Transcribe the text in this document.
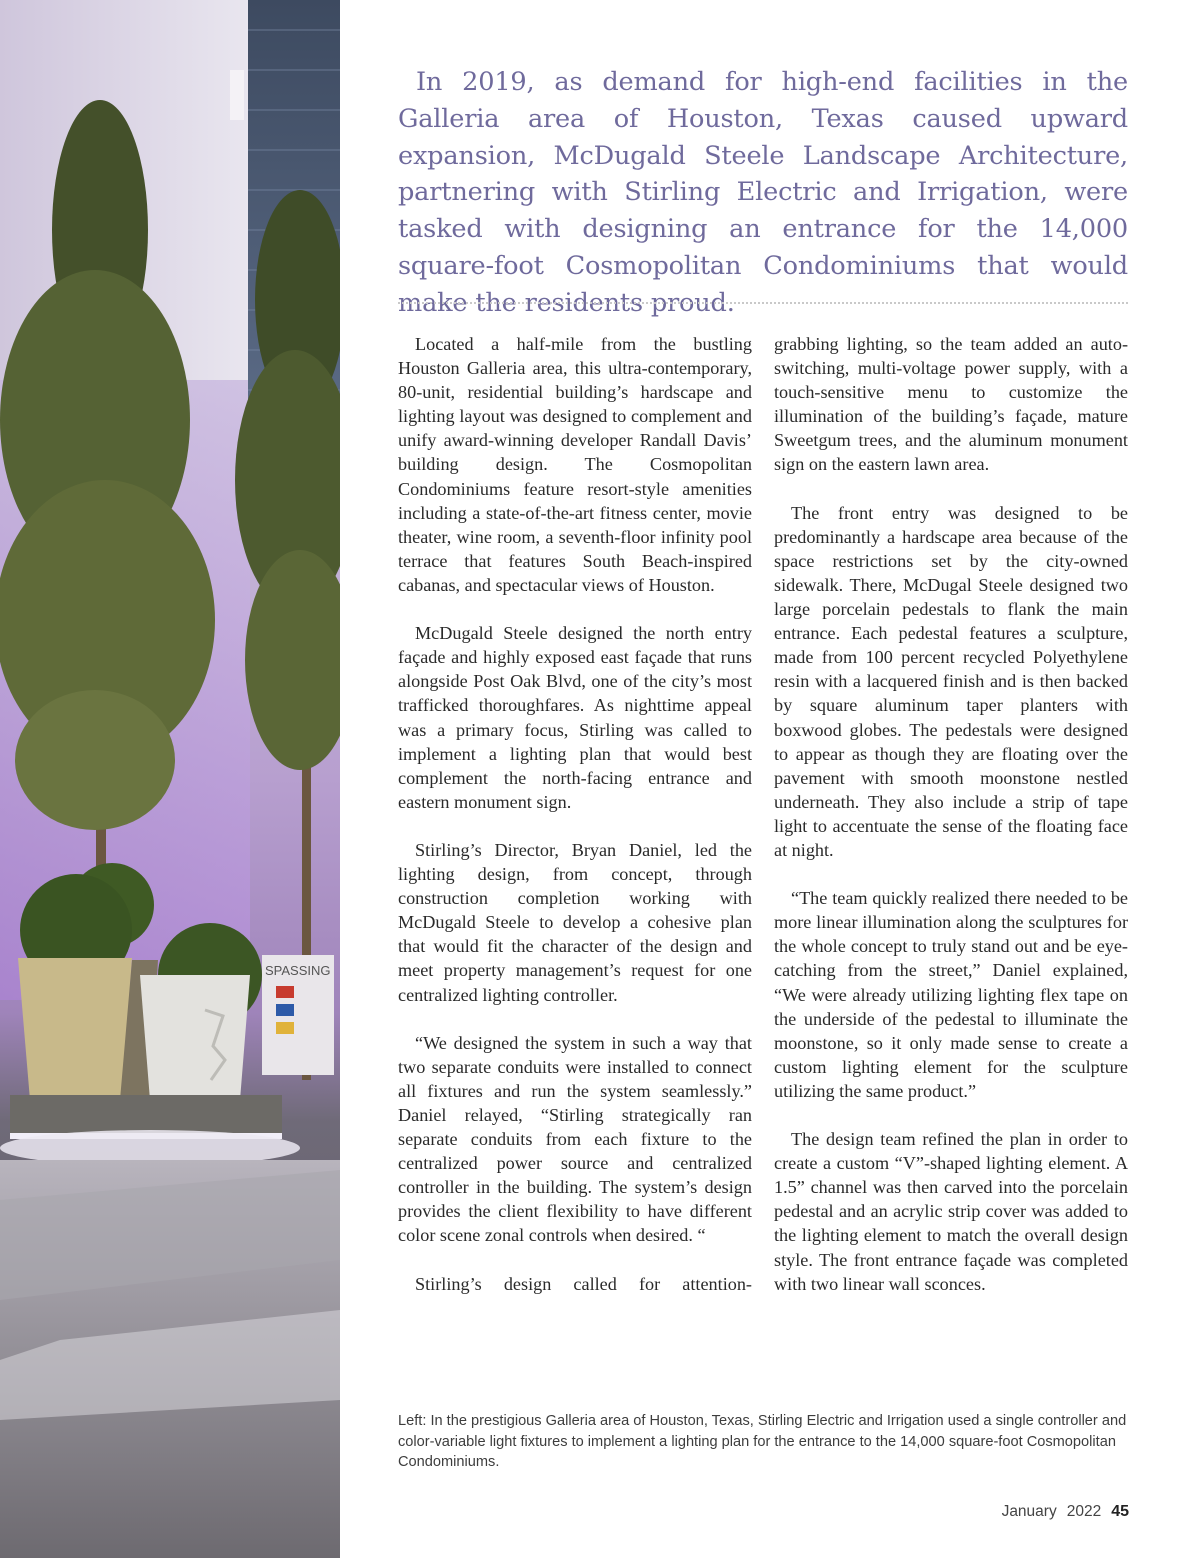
SPASSING

In 2019, as demand for high-end facilities in the Galleria area of Houston, Texas caused upward expansion, McDugald Steele Landscape Architecture, partnering with Stirling Electric and Irrigation, were tasked with designing an entrance for the 14,000 square-foot Cosmopolitan Condominiums that would make the residents proud.

Located a half-mile from the bustling Houston Galleria area, this ultra-contemporary, 80-unit, residential building’s hardscape and lighting layout was designed to complement and unify award-winning developer Randall Davis’ building design. The Cosmopolitan Condominiums feature resort-style amenities including a state-of-the-art fitness center, movie theater, wine room, a seventh-floor infinity pool terrace that features South Beach-inspired cabanas, and spectacular views of Houston.

McDugald Steele designed the north entry façade and highly exposed east façade that runs alongside Post Oak Blvd, one of the city’s most trafficked thoroughfares. As nighttime appeal was a primary focus, Stirling was called to implement a lighting plan that would best complement the north-facing entrance and eastern monument sign.

Stirling’s Director, Bryan Daniel, led the lighting design, from concept, through construction completion working with McDugald Steele to develop a cohesive plan that would fit the character of the design and meet property management’s request for one centralized lighting controller.

“We designed the system in such a way that two separate conduits were installed to connect all fixtures and run the system seamlessly.” Daniel relayed, “Stirling strategically ran separate conduits from each fixture to the centralized power source and centralized controller in the building. The system’s design provides the client flexibility to have different color scene zonal controls when desired. “

Stirling’s design called for attention-

grabbing lighting, so the team added an auto-switching, multi-voltage power supply, with a touch-sensitive menu to customize the illumination of the building’s façade, mature Sweetgum trees, and the aluminum monument sign on the eastern lawn area.

The front entry was designed to be predominantly a hardscape area because of the space restrictions set by the city-owned sidewalk. There, McDugal Steele designed two large porcelain pedestals to flank the main entrance. Each pedestal features a sculpture, made from 100 percent recycled Polyethylene resin with a lacquered finish and is then backed by square aluminum taper planters with boxwood globes. The pedestals were designed to appear as though they are floating over the pavement with smooth moonstone nestled underneath. They also include a strip of tape light to accentuate the sense of the floating face at night.

“The team quickly realized there needed to be more linear illumination along the sculptures for the whole concept to truly stand out and be eye-catching from the street,” Daniel explained, “We were already utilizing lighting flex tape on the underside of the pedestal to illuminate the moonstone, so it only made sense to create a custom lighting element for the sculpture utilizing the same product.”

The design team refined the plan in order to create a custom “V”-shaped lighting element. A 1.5” channel was then carved into the porcelain pedestal and an acrylic strip cover was added to the lighting element to match the overall design style. The front entrance façade was completed with two linear wall sconces.

Left: In the prestigious Galleria area of Houston, Texas, Stirling Electric and Irrigation used a single controller and color-variable light fixtures to implement a lighting plan for the entrance to the 14,000 square-foot Cosmopolitan Condominiums.

January 2022 45
